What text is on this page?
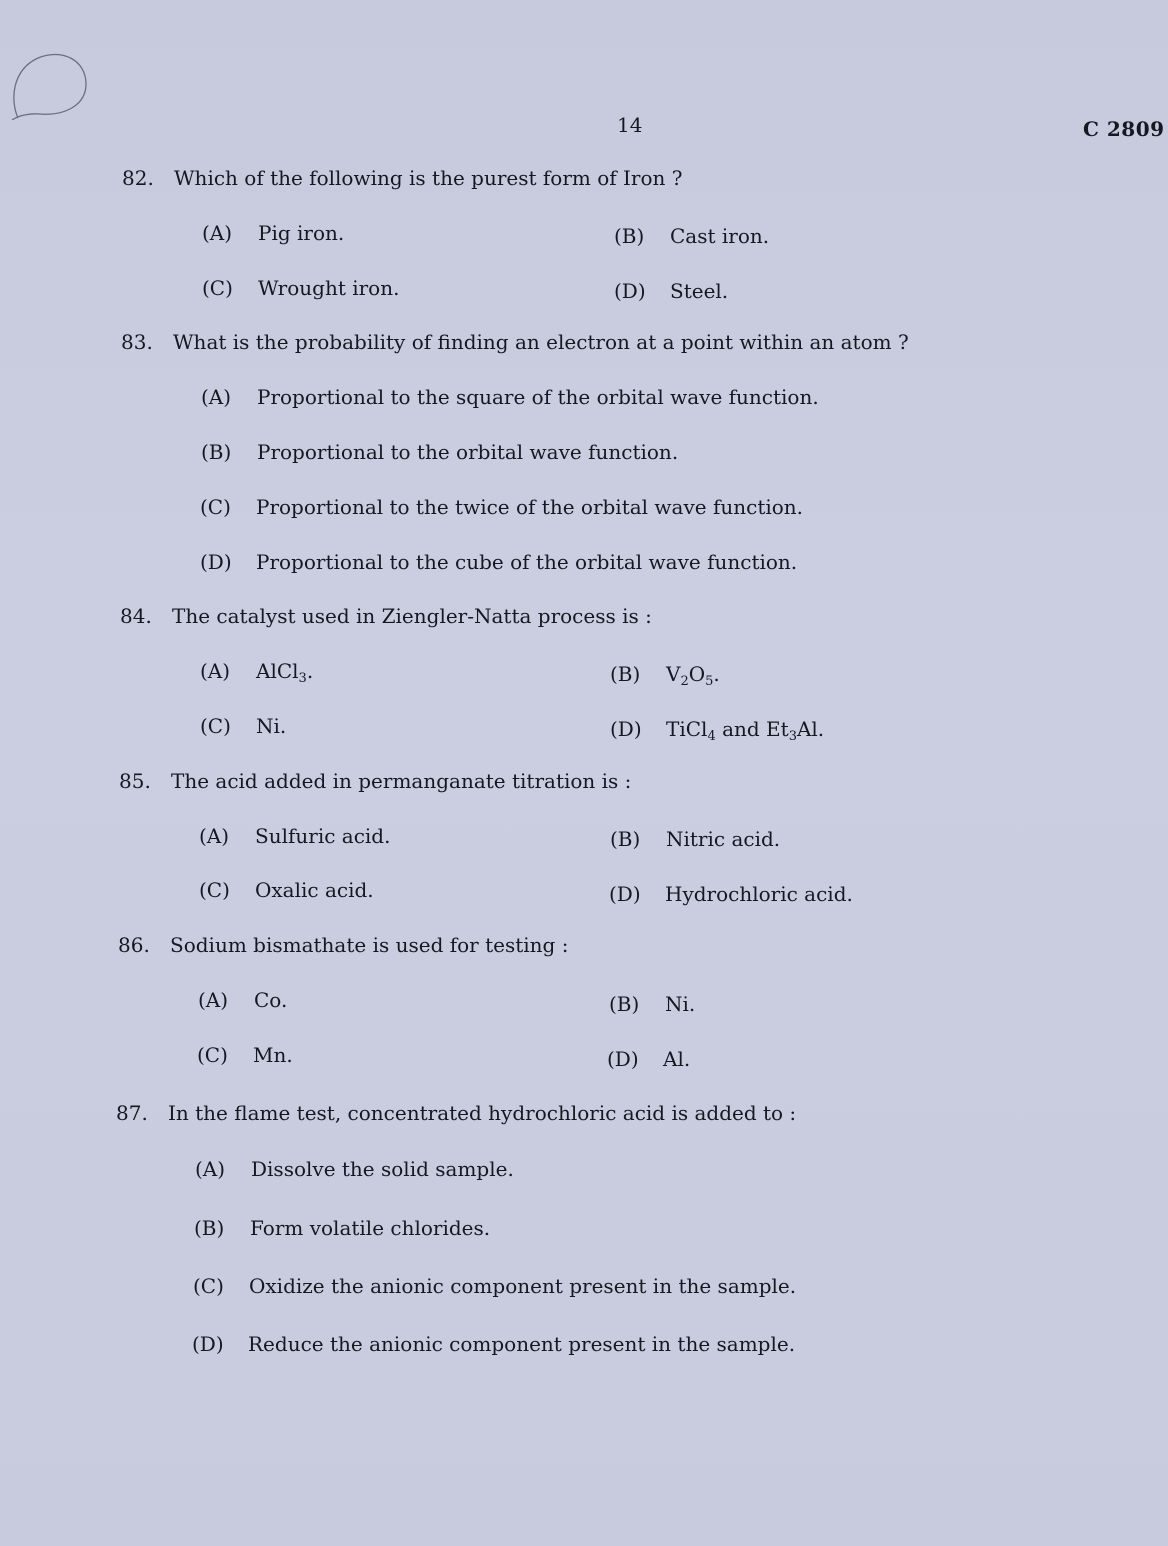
14	C 2809
82. Which of the following is the purest form of Iron ?
(A) Pig iron.	(B) Cast iron.
(C) Wrought iron.	(D) Steel.
83. What is the probability of finding an electron at a point within an atom ?
(A) Proportional to the square of the orbital wave function.
(B) Proportional to the orbital wave function.
(C) Proportional to the twice of the orbital wave function.
(D) Proportional to the cube of the orbital wave function.
84. The catalyst used in Ziengler-Natta process is :
(A) AlCl$_3$.	(B) $V_2O_5$.
(C) Ni.	(D) TiCl$_4$ and $Et_3Al$.
85. The acid added in permanganate titration is :
(A) Sulfuric acid.	(B) Nitric acid.
(C) Oxalic acid.	(D) Hydrochloric acid.
86. Sodium bismathate is used for testing :
(A) Co.	(B) Ni.
(C) Mn.	(D) Al.
87. In the flame test, concentrated hydrochloric acid is added to :
(A) Dissolve the solid sample.
(B) Form volatile chlorides.
(C) Oxidize the anionic component present in the sample.
(D) Reduce the anionic component present in the sample.
